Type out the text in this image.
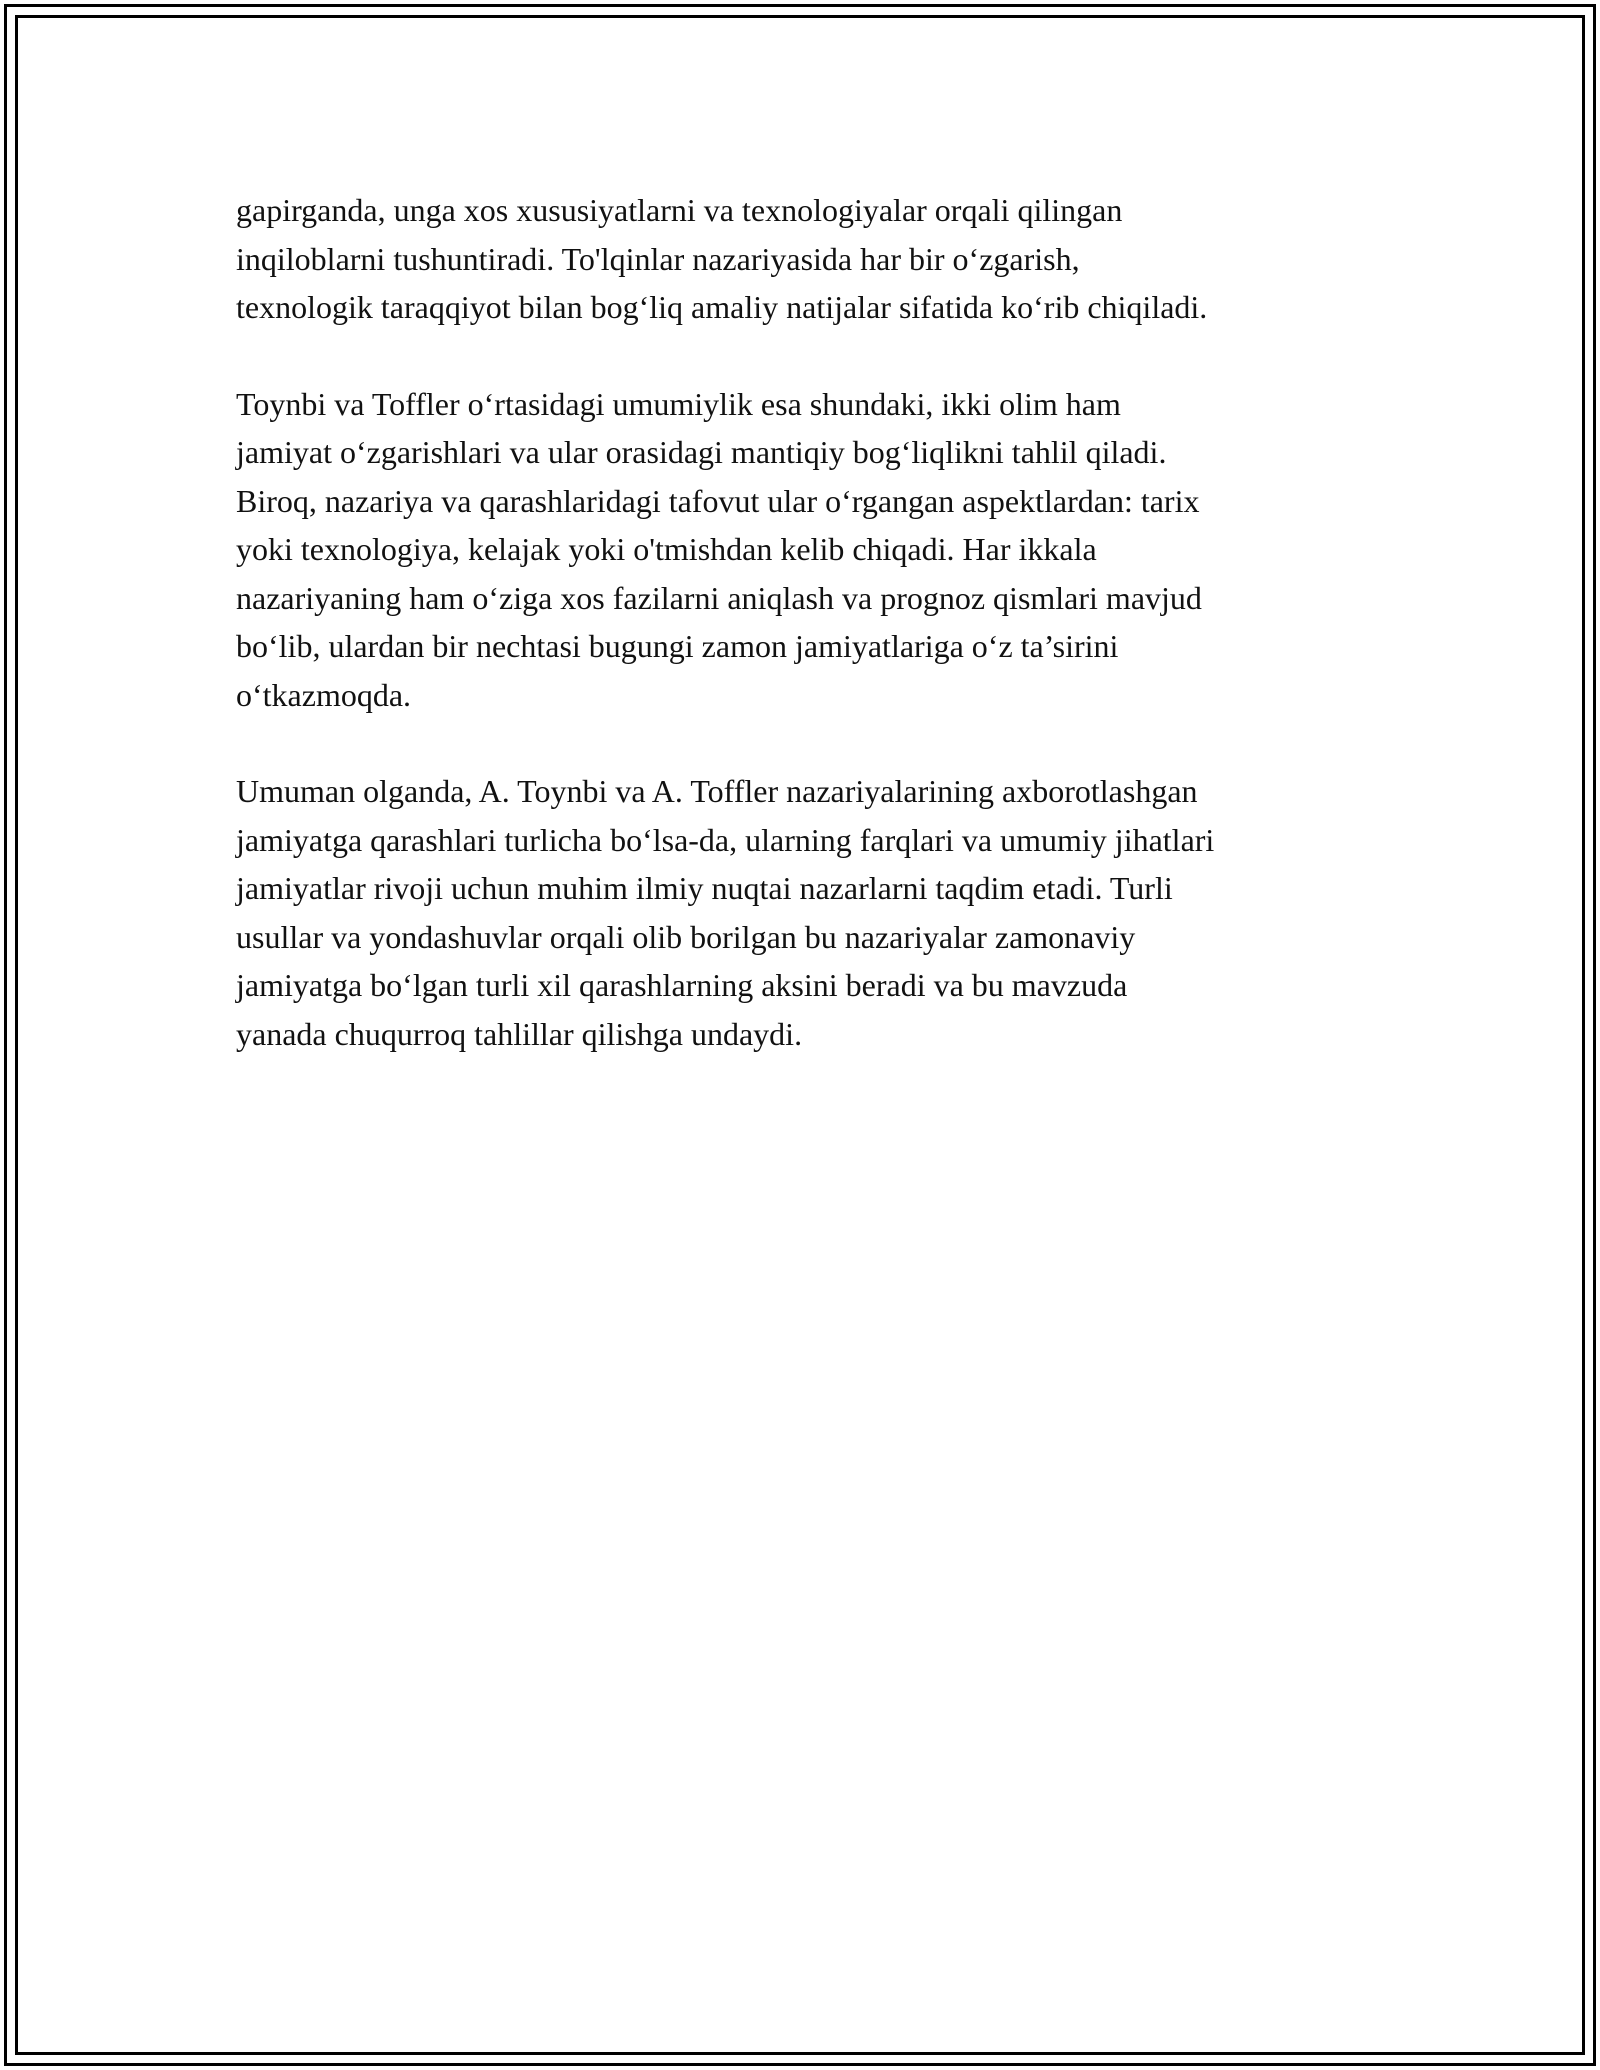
gapirganda, unga xos xususiyatlarni va texnologiyalar orqali qilingan
inqiloblarni tushuntiradi. To'lqinlar nazariyasida har bir o‘zgarish,
texnologik taraqqiyot bilan bog‘liq amaliy natijalar sifatida ko‘rib chiqiladi.

Toynbi va Toffler o‘rtasidagi umumiylik esa shundaki, ikki olim ham
jamiyat o‘zgarishlari va ular orasidagi mantiqiy bog‘liqlikni tahlil qiladi.
Biroq, nazariya va qarashlaridagi tafovut ular o‘rgangan aspektlardan: tarix
yoki texnologiya, kelajak yoki o'tmishdan kelib chiqadi. Har ikkala
nazariyaning ham o‘ziga xos fazilarni aniqlash va prognoz qismlari mavjud
bo‘lib, ulardan bir nechtasi bugungi zamon jamiyatlariga o‘z ta’sirini
o‘tkazmoqda.

Umuman olganda, A. Toynbi va A. Toffler nazariyalarining axborotlashgan
jamiyatga qarashlari turlicha bo‘lsa-da, ularning farqlari va umumiy jihatlari
jamiyatlar rivoji uchun muhim ilmiy nuqtai nazarlarni taqdim etadi. Turli
usullar va yondashuvlar orqali olib borilgan bu nazariyalar zamonaviy
jamiyatga bo‘lgan turli xil qarashlarning aksini beradi va bu mavzuda
yanada chuqurroq tahlillar qilishga undaydi.
